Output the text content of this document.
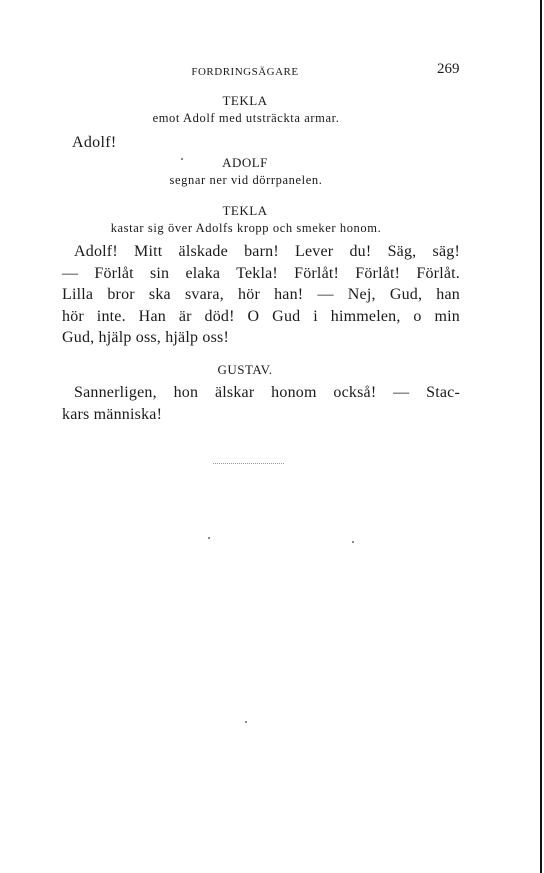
FORDRINGSÄGARE	269
TEKLA
emot Adolf med utsträckta armar.
Adolf!
ADOLF
segnar ner vid dörrpanelen.
TEKLA
kastar sig över Adolfs kropp och smeker honom.
Adolf! Mitt älskade barn! Lever du! Säg, säg!
— Förlåt sin elaka Tekla! Förlåt! Förlåt! Förlåt.
Lilla bror ska svara, hör han! — Nej, Gud, han
hör inte. Han är död! O Gud i himmelen, o min
Gud, hjälp oss, hjälp oss!
GUSTAV.
Sannerligen, hon älskar honom också! — Stac-
kars människa!
